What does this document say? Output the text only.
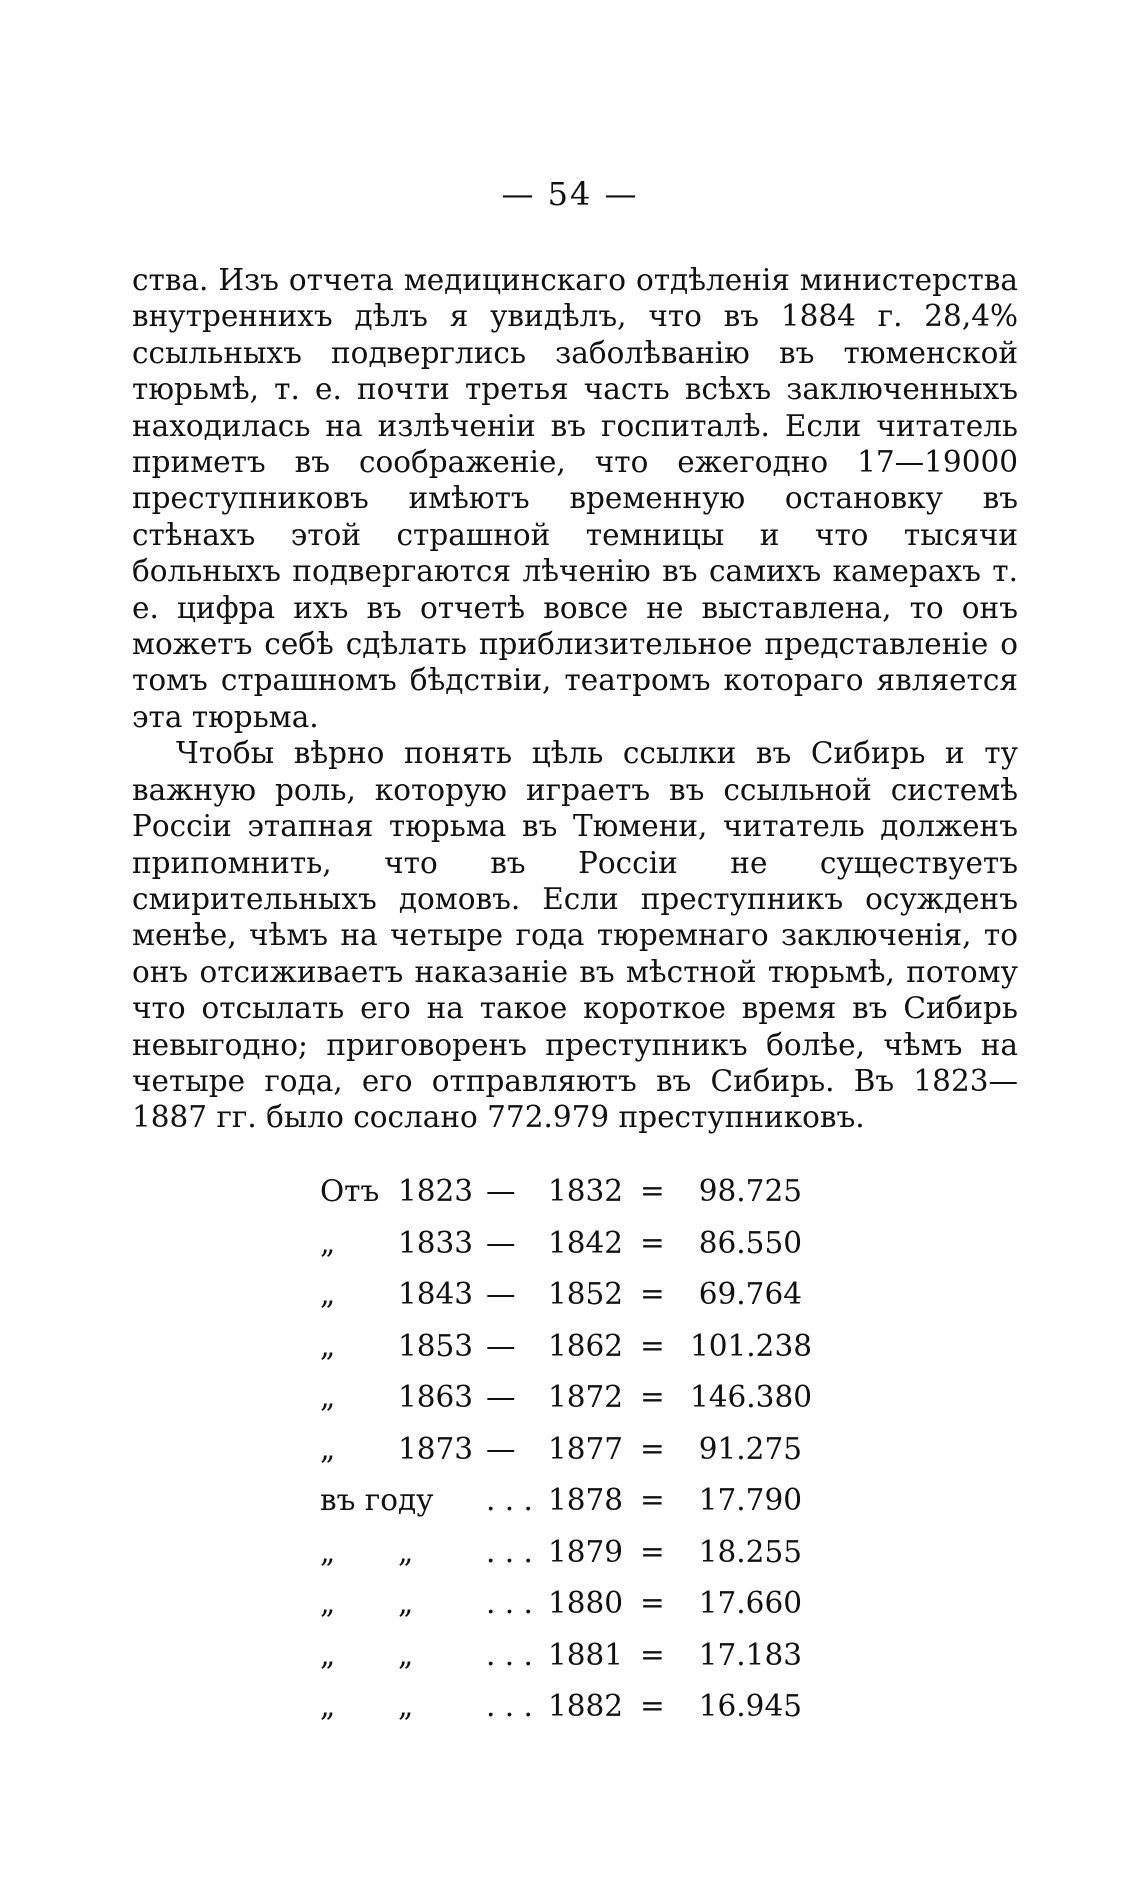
— 54 —

ства. Изъ отчета медицинскаго отдѣленія министерства внутреннихъ дѣлъ я увидѣлъ, что въ 1884 г. 28,4% ссыльныхъ подверглись заболѣванію въ тюменской тюрьмѣ, т. е. почти третья часть всѣхъ заключенныхъ находилась на излѣченіи въ госпиталѣ. Если читатель приметъ въ соображеніе, что ежегодно 17—19000 преступниковъ имѣютъ временную остановку въ стѣнахъ этой страшной темницы и что тысячи больныхъ подвергаются лѣченію въ самихъ камерахъ т. е. цифра ихъ въ отчетѣ вовсе не выставлена, то онъ можетъ себѣ сдѣлать приблизительное представленіе о томъ страшномъ бѣдствіи, театромъ котораго является эта тюрьма.

Чтобы вѣрно понять цѣль ссылки въ Сибирь и ту важную роль, которую играетъ въ ссыльной системѣ Россіи этапная тюрьма въ Тюмени, читатель долженъ припомнить, что въ Россіи не существуетъ смирительныхъ домовъ. Если преступникъ осужденъ менѣе, чѣмъ на четыре года тюремнаго заключенія, то онъ отсиживаетъ наказаніе въ мѣстной тюрьмѣ, потому что отсылать его на такое короткое время въ Сибирь невыгодно; приговоренъ преступникъ болѣе, чѣмъ на четыре года, его отправляютъ въ Сибирь. Въ 1823—1887 гг. было сослано 772.979 преступниковъ.

Отъ 1823 — 1832 = 98.725
„ 1833 — 1842 = 86.550
„ 1843 — 1852 = 69.764
„ 1853 — 1862 = 101.238
„ 1863 — 1872 = 146.380
„ 1873 — 1877 = 91.275
въ году . . . 1878 = 17.790
„ „ . . . 1879 = 18.255
„ „ . . . 1880 = 17.660
„ „ . . . 1881 = 17.183
„ „ . . . 1882 = 16.945
